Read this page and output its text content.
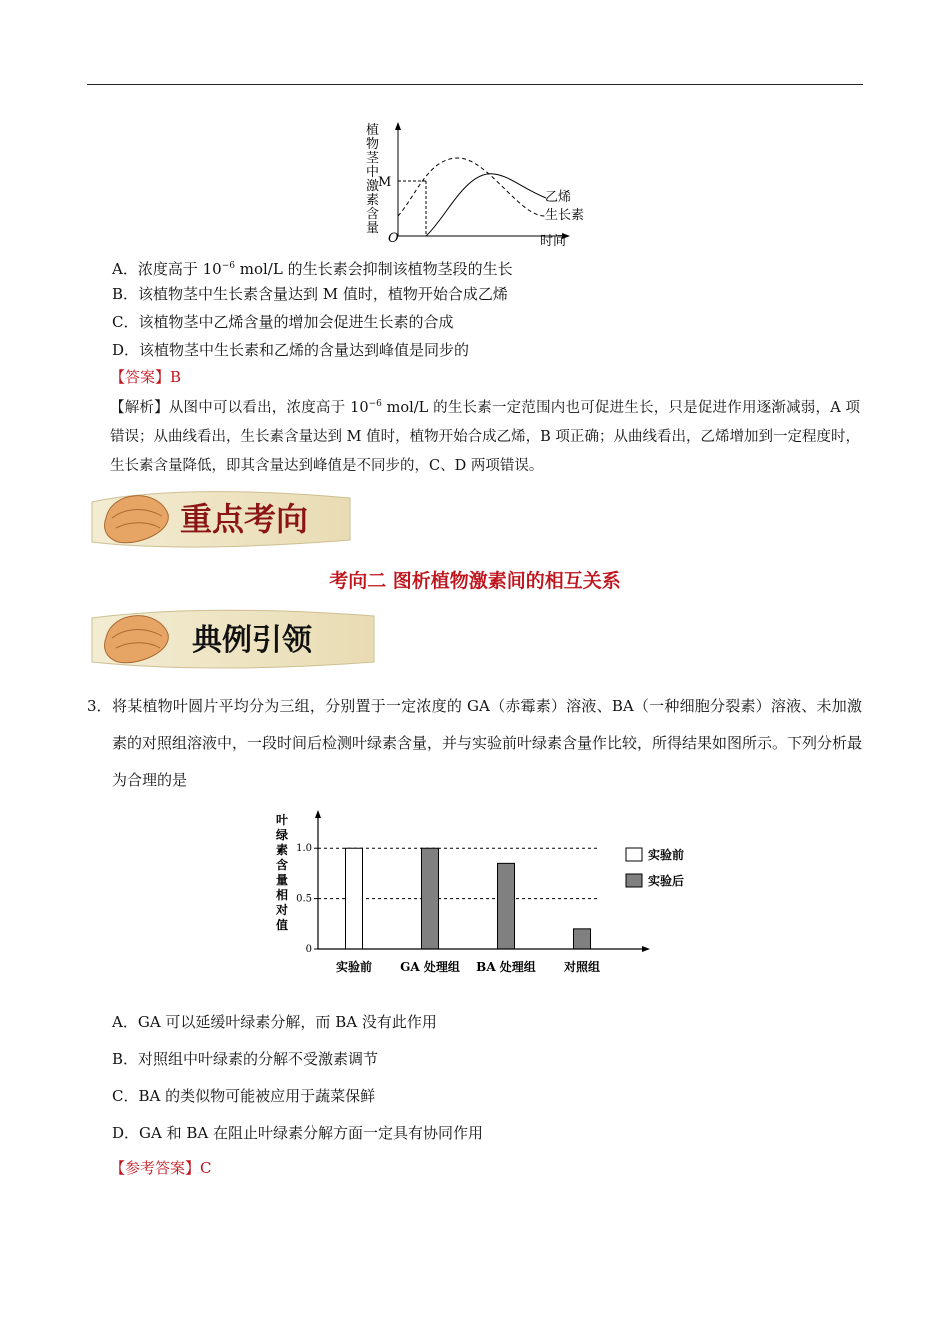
植
物
茎
中
激
素
含
量
O
M
乙烯
生长素
时间
A．浓度高于 $10^{-6}$ mol/L 的生长素会抑制该植物茎段的生长
B．该植物茎中生长素含量达到 M 值时，植物开始合成乙烯
C．该植物茎中乙烯含量的增加会促进生长素的合成
D．该植物茎中生长素和乙烯的含量达到峰值是同步的
【答案】B
【解析】从图中可以看出，浓度高于 $10^{-6}$ mol/L 的生长素一定范围内也可促进生长，只是促进作用逐渐减弱，A 项错误；从曲线看出，生长素含量达到 M 值时，植物开始合成乙烯，B 项正确；从曲线看出，乙烯增加到一定程度时，生长素含量降低，即其含量达到峰值是不同步的，C、D 两项错误。
重点考向
考向二 图析植物激素间的相互关系
典例引领
3． 将某植物叶圆片平均分为三组，分别置于一定浓度的 GA（赤霉素）溶液、BA（一种细胞分裂素）溶液、未加激素的对照组溶液中，一段时间后检测叶绿素含量，并与实验前叶绿素含量作比较，所得结果如图所示。下列分析最为合理的是
叶
绿
素
含
量
相
对
值
0
0.5
1.0
实验前 GA 处理组 BA 处理组 对照组
实验前
实验后
A．GA 可以延缓叶绿素分解，而 BA 没有此作用
B．对照组中叶绿素的分解不受激素调节
C．BA 的类似物可能被应用于蔬菜保鲜
D．GA 和 BA 在阻止叶绿素分解方面一定具有协同作用
【参考答案】C
